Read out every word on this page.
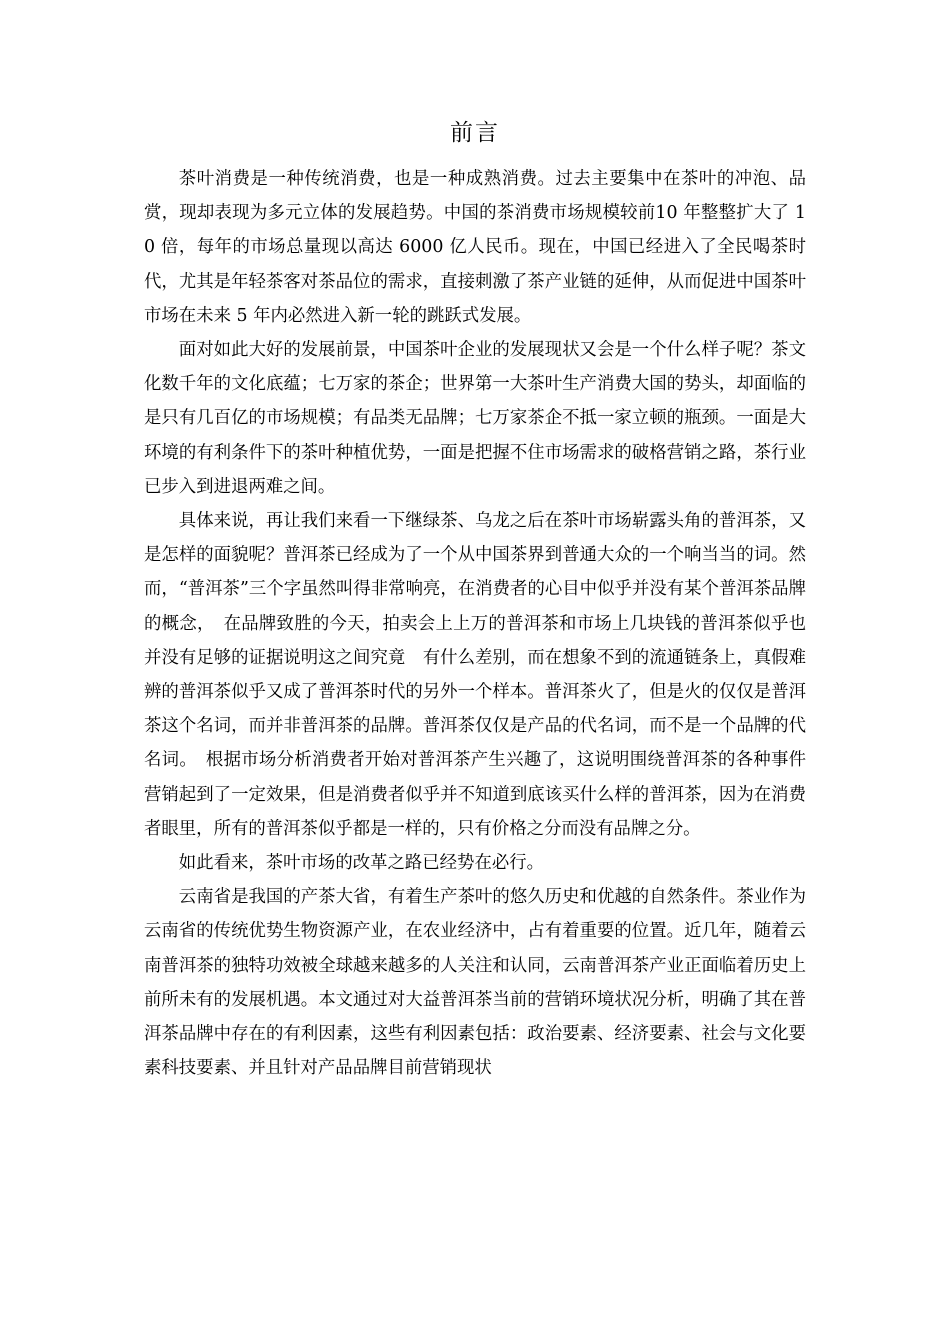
前言

茶叶消费是一种传统消费，也是一种成熟消费。过去主要集中在茶叶的冲泡、品赏，现却表现为多元立体的发展趋势。中国的茶消费市场规模较前10 年整整扩大了 10 倍，每年的市场总量现以高达 6000 亿人民币。现在，中国已经进入了全民喝茶时代，尤其是年轻茶客对茶品位的需求，直接刺激了茶产业链的延伸，从而促进中国茶叶市场在未来 5 年内必然进入新一轮的跳跃式发展。

面对如此大好的发展前景，中国茶叶企业的发展现状又会是一个什么样子呢？茶文化数千年的文化底蕴；七万家的茶企；世界第一大茶叶生产消费大国的势头，却面临的是只有几百亿的市场规模；有品类无品牌；七万家茶企不抵一家立顿的瓶颈。一面是大环境的有利条件下的茶叶种植优势，一面是把握不住市场需求的破格营销之路，茶行业已步入到进退两难之间。

具体来说，再让我们来看一下继绿茶、乌龙之后在茶叶市场崭露头角的普洱茶，又是怎样的面貌呢？普洱茶已经成为了一个从中国茶界到普通大众的一个响当当的词。然而，“普洱茶”三个字虽然叫得非常响亮，在消费者的心目中似乎并没有某个普洱茶品牌的概念，　在品牌致胜的今天，拍卖会上上万的普洱茶和市场上几块钱的普洱茶似乎也并没有足够的证据说明这之间究竟　有什么差别，而在想象不到的流通链条上，真假难辨的普洱茶似乎又成了普洱茶时代的另外一个样本。普洱茶火了，但是火的仅仅是普洱茶这个名词，而并非普洱茶的品牌。普洱茶仅仅是产品的代名词，而不是一个品牌的代名词。　根据市场分析消费者开始对普洱茶产生兴趣了，这说明围绕普洱茶的各种事件营销起到了一定效果，但是消费者似乎并不知道到底该买什么样的普洱茶，因为在消费者眼里，所有的普洱茶似乎都是一样的，只有价格之分而没有品牌之分。

如此看来，茶叶市场的改革之路已经势在必行。

云南省是我国的产茶大省，有着生产茶叶的悠久历史和优越的自然条件。茶业作为云南省的传统优势生物资源产业，在农业经济中，占有着重要的位置。近几年，随着云南普洱茶的独特功效被全球越来越多的人关注和认同，云南普洱茶产业正面临着历史上前所未有的发展机遇。本文通过对大益普洱茶当前的营销环境状况分析，明确了其在普洱茶品牌中存在的有利因素，这些有利因素包括：政治要素、经济要素、社会与文化要素科技要素、并且针对产品品牌目前营销现状
